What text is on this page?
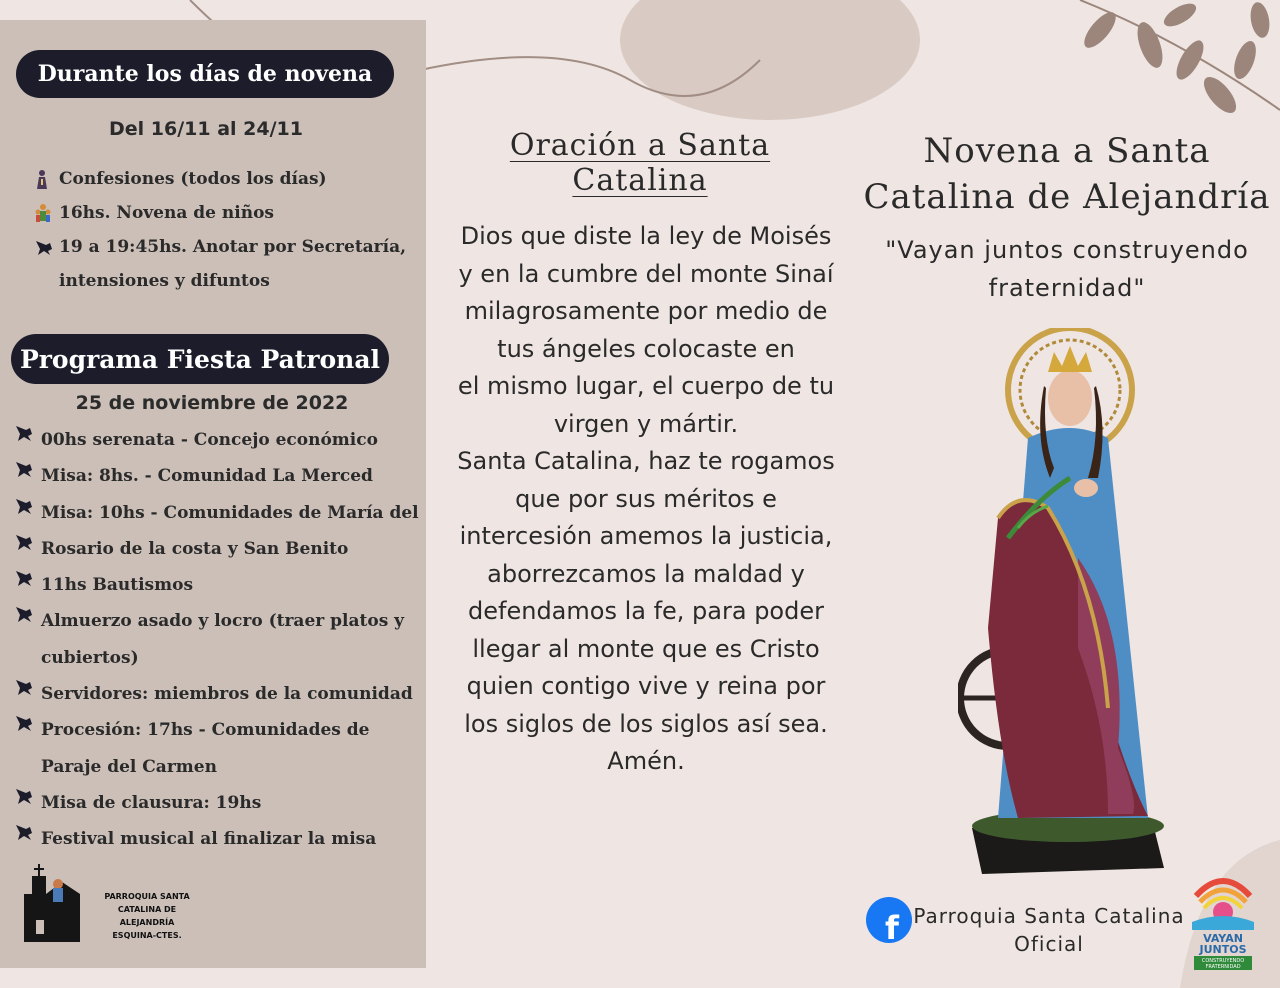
Durante los días de novena
Del 16/11 al 24/11
Confesiones (todos los días)
16hs. Novena de niños
19 a 19:45hs. Anotar por Secretaría,
intensiones y difuntos
Programa Fiesta Patronal
25 de noviembre de 2022
00hs serenata - Concejo económico
Misa: 8hs. - Comunidad La Merced
Misa: 10hs - Comunidades de María del
Rosario de la costa y San Benito
11hs Bautismos
Almuerzo asado y locro (traer platos y
cubiertos)
Servidores: miembros de la comunidad
Procesión: 17hs - Comunidades de
Paraje del Carmen
Misa de clausura: 19hs
Festival musical al finalizar la misa
PARROQUIA SANTA
CATALINA DE ALEJANDRÍA
ESQUINA-CTES.
Oración a Santa Catalina
Dios que diste la ley de Moisés
y en la cumbre del monte Sinaí
milagrosamente por medio de
tus ángeles colocaste en
el mismo lugar, el cuerpo de tu
virgen y mártir.
Santa Catalina, haz te rogamos
que por sus méritos e
intercesión amemos la justicia,
aborrezcamos la maldad y
defendamos la fe, para poder
llegar al monte que es Cristo
quien contigo vive y reina por
los siglos de los siglos así sea.
Amén.
Novena a Santa
Catalina de Alejandría
"Vayan juntos construyendo
fraternidad"
f Parroquia Santa Catalina
Oficial	VAYAN
JUNTOS
CONSTRUYENDO
FRATERNIDAD
